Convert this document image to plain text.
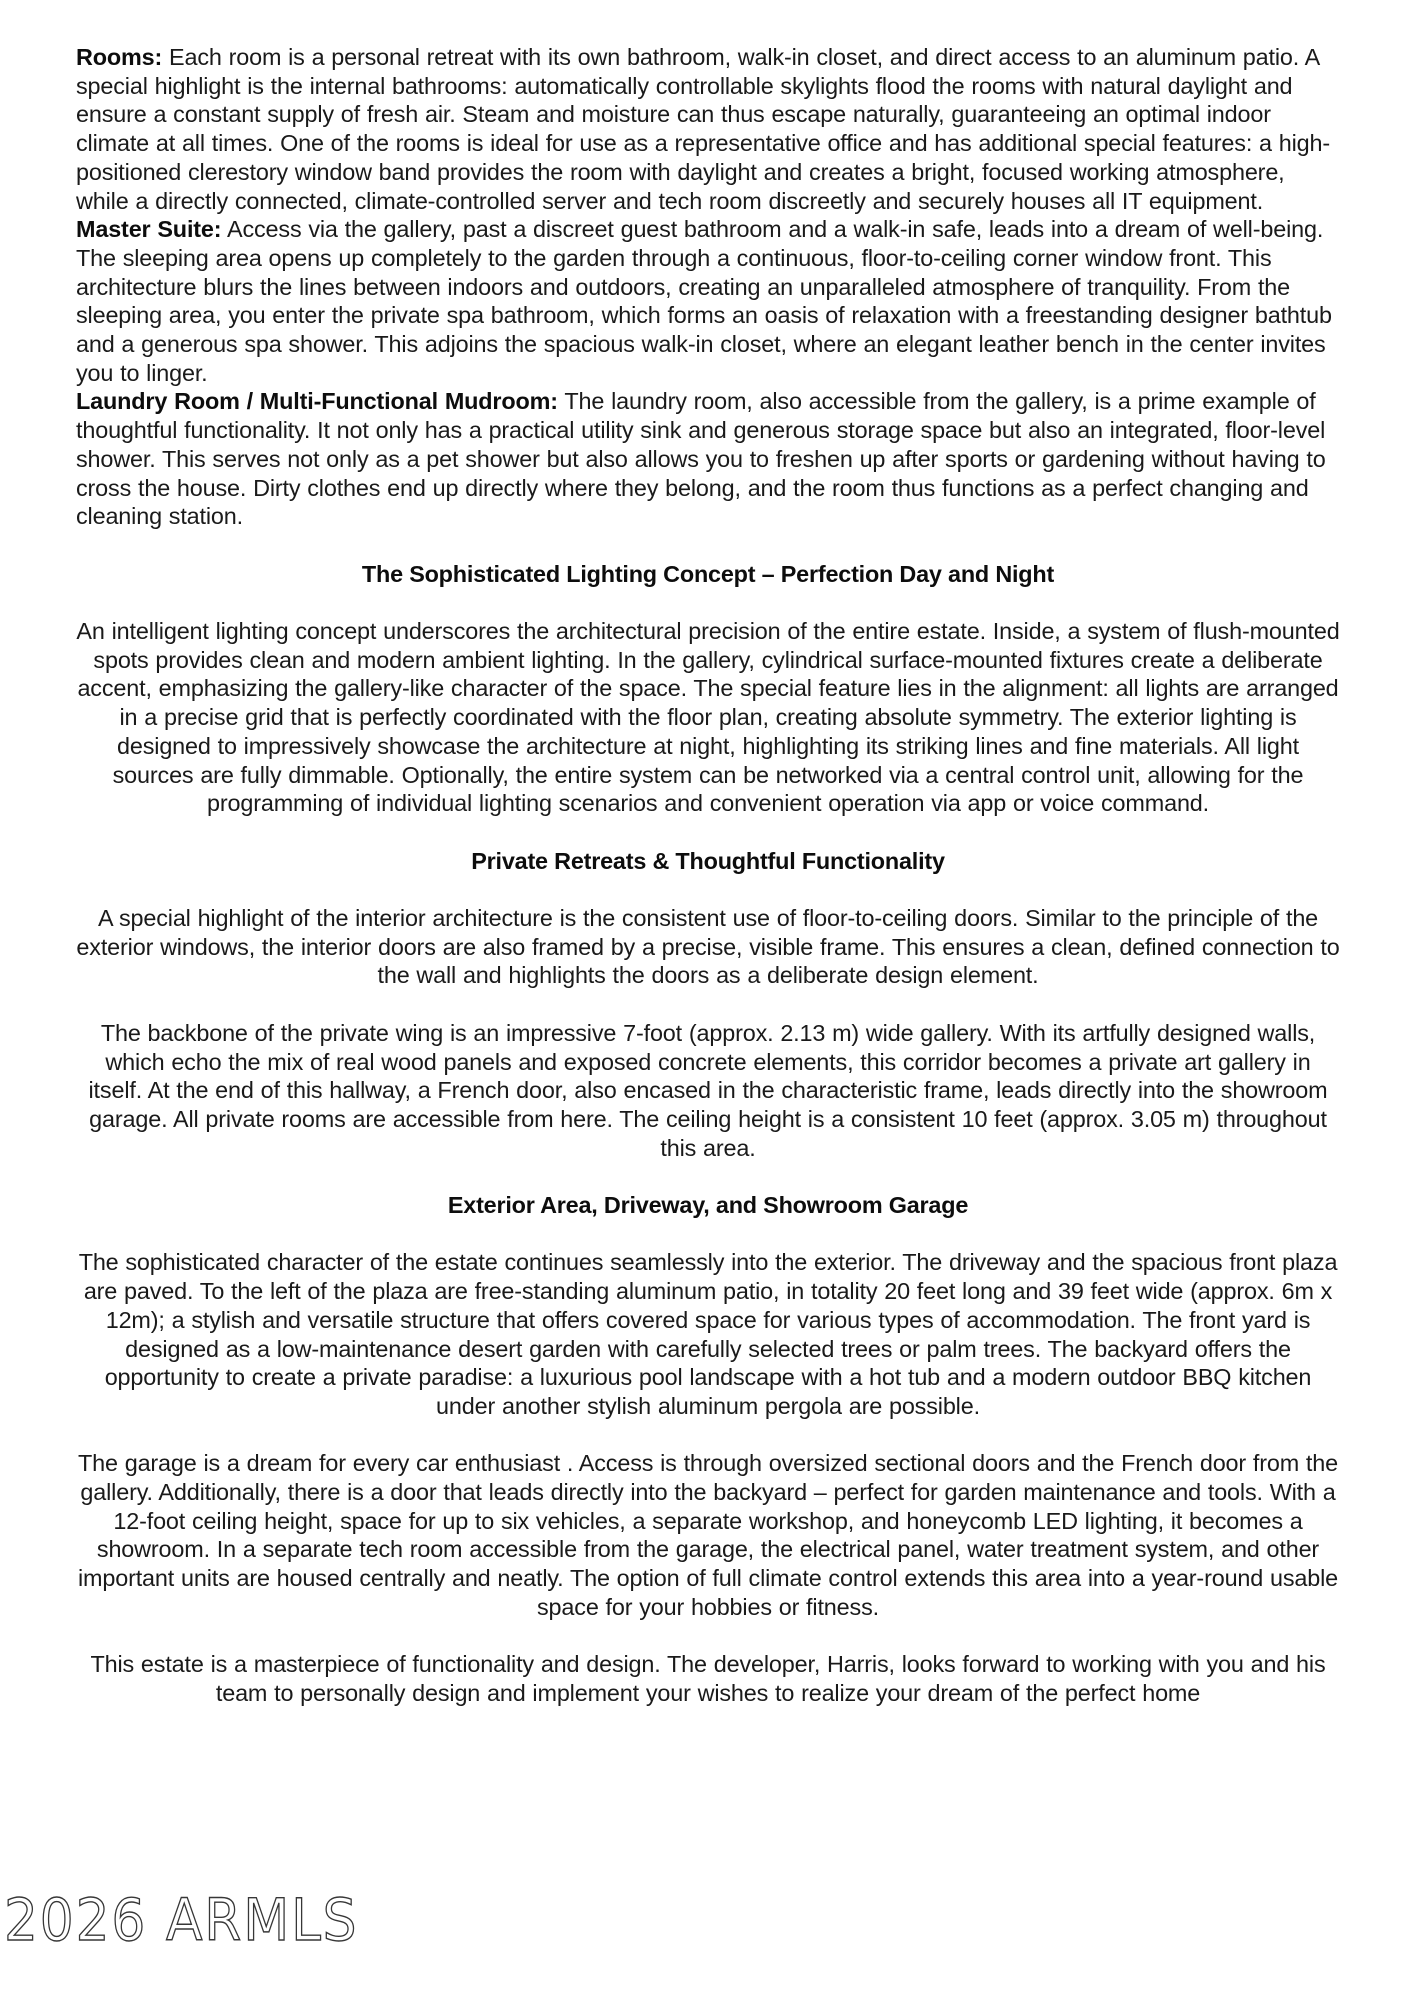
Rooms: Each room is a personal retreat with its own bathroom, walk-in closet, and direct access to an aluminum patio. A special highlight is the internal bathrooms: automatically controllable skylights flood the rooms with natural daylight and ensure a constant supply of fresh air. Steam and moisture can thus escape naturally, guaranteeing an optimal indoor climate at all times. One of the rooms is ideal for use as a representative office and has additional special features: a high-positioned clerestory window band provides the room with daylight and creates a bright, focused working atmosphere, while a directly connected, climate-controlled server and tech room discreetly and securely houses all IT equipment.

Master Suite: Access via the gallery, past a discreet guest bathroom and a walk-in safe, leads into a dream of well-being. The sleeping area opens up completely to the garden through a continuous, floor-to-ceiling corner window front. This architecture blurs the lines between indoors and outdoors, creating an unparalleled atmosphere of tranquility. From the sleeping area, you enter the private spa bathroom, which forms an oasis of relaxation with a freestanding designer bathtub and a generous spa shower. This adjoins the spacious walk-in closet, where an elegant leather bench in the center invites you to linger.

Laundry Room / Multi-Functional Mudroom: The laundry room, also accessible from the gallery, is a prime example of thoughtful functionality. It not only has a practical utility sink and generous storage space but also an integrated, floor-level shower. This serves not only as a pet shower but also allows you to freshen up after sports or gardening without having to cross the house. Dirty clothes end up directly where they belong, and the room thus functions as a perfect changing and cleaning station.

The Sophisticated Lighting Concept – Perfection Day and Night

An intelligent lighting concept underscores the architectural precision of the entire estate. Inside, a system of flush-mounted spots provides clean and modern ambient lighting. In the gallery, cylindrical surface-mounted fixtures create a deliberate accent, emphasizing the gallery-like character of the space. The special feature lies in the alignment: all lights are arranged in a precise grid that is perfectly coordinated with the floor plan, creating absolute symmetry. The exterior lighting is designed to impressively showcase the architecture at night, highlighting its striking lines and fine materials. All light sources are fully dimmable. Optionally, the entire system can be networked via a central control unit, allowing for the programming of individual lighting scenarios and convenient operation via app or voice command.

Private Retreats & Thoughtful Functionality

A special highlight of the interior architecture is the consistent use of floor-to-ceiling doors. Similar to the principle of the exterior windows, the interior doors are also framed by a precise, visible frame. This ensures a clean, defined connection to the wall and highlights the doors as a deliberate design element.

The backbone of the private wing is an impressive 7-foot (approx. 2.13 m) wide gallery. With its artfully designed walls, which echo the mix of real wood panels and exposed concrete elements, this corridor becomes a private art gallery in itself. At the end of this hallway, a French door, also encased in the characteristic frame, leads directly into the showroom garage. All private rooms are accessible from here. The ceiling height is a consistent 10 feet (approx. 3.05 m) throughout this area.

Exterior Area, Driveway, and Showroom Garage

The sophisticated character of the estate continues seamlessly into the exterior. The driveway and the spacious front plaza are paved. To the left of the plaza are free-standing aluminum patio, in totality 20 feet long and 39 feet wide (approx. 6m x 12m); a stylish and versatile structure that offers covered space for various types of accommodation. The front yard is designed as a low-maintenance desert garden with carefully selected trees or palm trees. The backyard offers the opportunity to create a private paradise: a luxurious pool landscape with a hot tub and a modern outdoor BBQ kitchen under another stylish aluminum pergola are possible.

The garage is a dream for every car enthusiast . Access is through oversized sectional doors and the French door from the gallery. Additionally, there is a door that leads directly into the backyard – perfect for garden maintenance and tools. With a 12-foot ceiling height, space for up to six vehicles, a separate workshop, and honeycomb LED lighting, it becomes a showroom. In a separate tech room accessible from the garage, the electrical panel, water treatment system, and other important units are housed centrally and neatly. The option of full climate control extends this area into a year-round usable space for your hobbies or fitness.

This estate is a masterpiece of functionality and design. The developer, Harris, looks forward to working with you and his team to personally design and implement your wishes to realize your dream of the perfect home

2026 ARMLS
